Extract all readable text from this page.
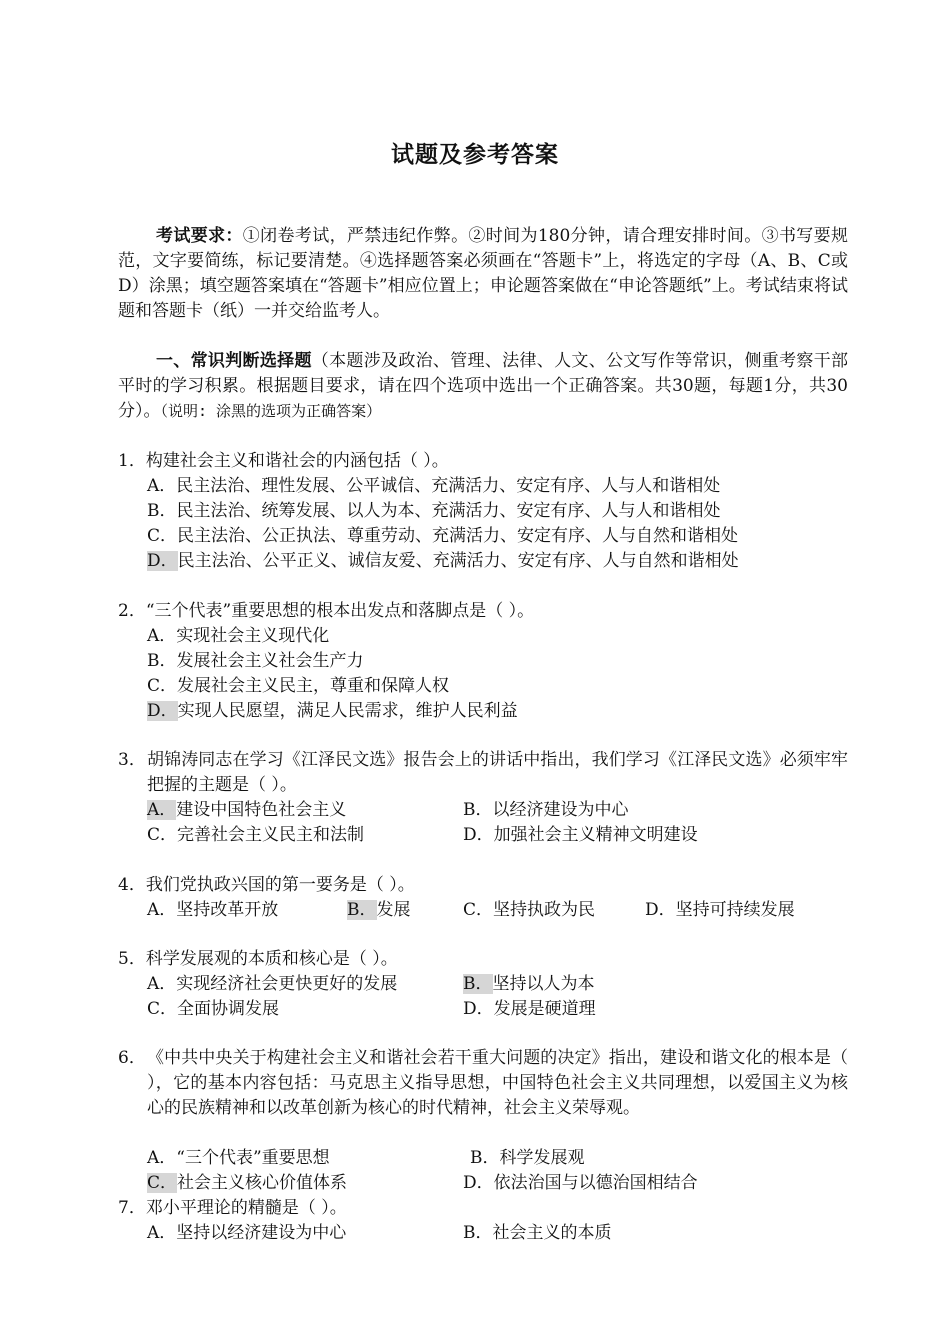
试题及参考答案
考试要求：①闭卷考试，严禁违纪作弊。②时间为180分钟，请合理安排时间。③书写要规范，文字要简练，标记要清楚。④选择题答案必须画在“答题卡”上，将选定的字母（A、B、C或 D）涂黑；填空题答案填在“答题卡”相应位置上；申论题答案做在“申论答题纸”上。考试结束将试题和答题卡（纸）一并交给监考人。
一、常识判断选择题（本题涉及政治、管理、法律、人文、公文写作等常识，侧重考察干部平时的学习积累。根据题目要求，请在四个选项中选出一个正确答案。共30题，每题1分，共30分）。（说明: 涂黑的选项为正确答案）
1．构建社会主义和谐社会的内涵包括（ ）。
A．民主法治、理性发展、公平诚信、充满活力、安定有序、人与人和谐相处
B．民主法治、统筹发展、以人为本、充满活力、安定有序、人与人和谐相处
C．民主法治、公正执法、尊重劳动、充满活力、安定有序、人与自然和谐相处
D．民主法治、公平正义、诚信友爱、充满活力、安定有序、人与自然和谐相处
2．“三个代表”重要思想的根本出发点和落脚点是（ ）。
A．实现社会主义现代化
B．发展社会主义社会生产力
C．发展社会主义民主，尊重和保障人权
D．实现人民愿望，满足人民需求，维护人民利益
3． 胡锦涛同志在学习《江泽民文选》报告会上的讲话中指出，我们学习《江泽民文选》必须牢牢把握的主题是（ ）。
A．建设中国特色社会主义	B．以经济建设为中心
C．完善社会主义民主和法制	D．加强社会主义精神文明建设
4．我们党执政兴国的第一要务是（ ）。
A．坚持改革开放	B．发展	C．坚持执政为民	D．坚持可持续发展
5．科学发展观的本质和核心是（ ）。
A．实现经济社会更快更好的发展	B．坚持以人为本
C．全面协调发展	D．发展是硬道理
6． 《中共中央关于构建社会主义和谐社会若干重大问题的决定》指出，建设和谐文化的根本是（ ），它的基本内容包括：马克思主义指导思想，中国特色社会主义共同理想，以爱国主义为核心的民族精神和以改革创新为核心的时代精神，社会主义荣辱观。
A．“三个代表”重要思想	B．科学发展观
C．社会主义核心价值体系	D．依法治国与以德治国相结合
7．邓小平理论的精髓是（ ）。
A．坚持以经济建设为中心	B．社会主义的本质
